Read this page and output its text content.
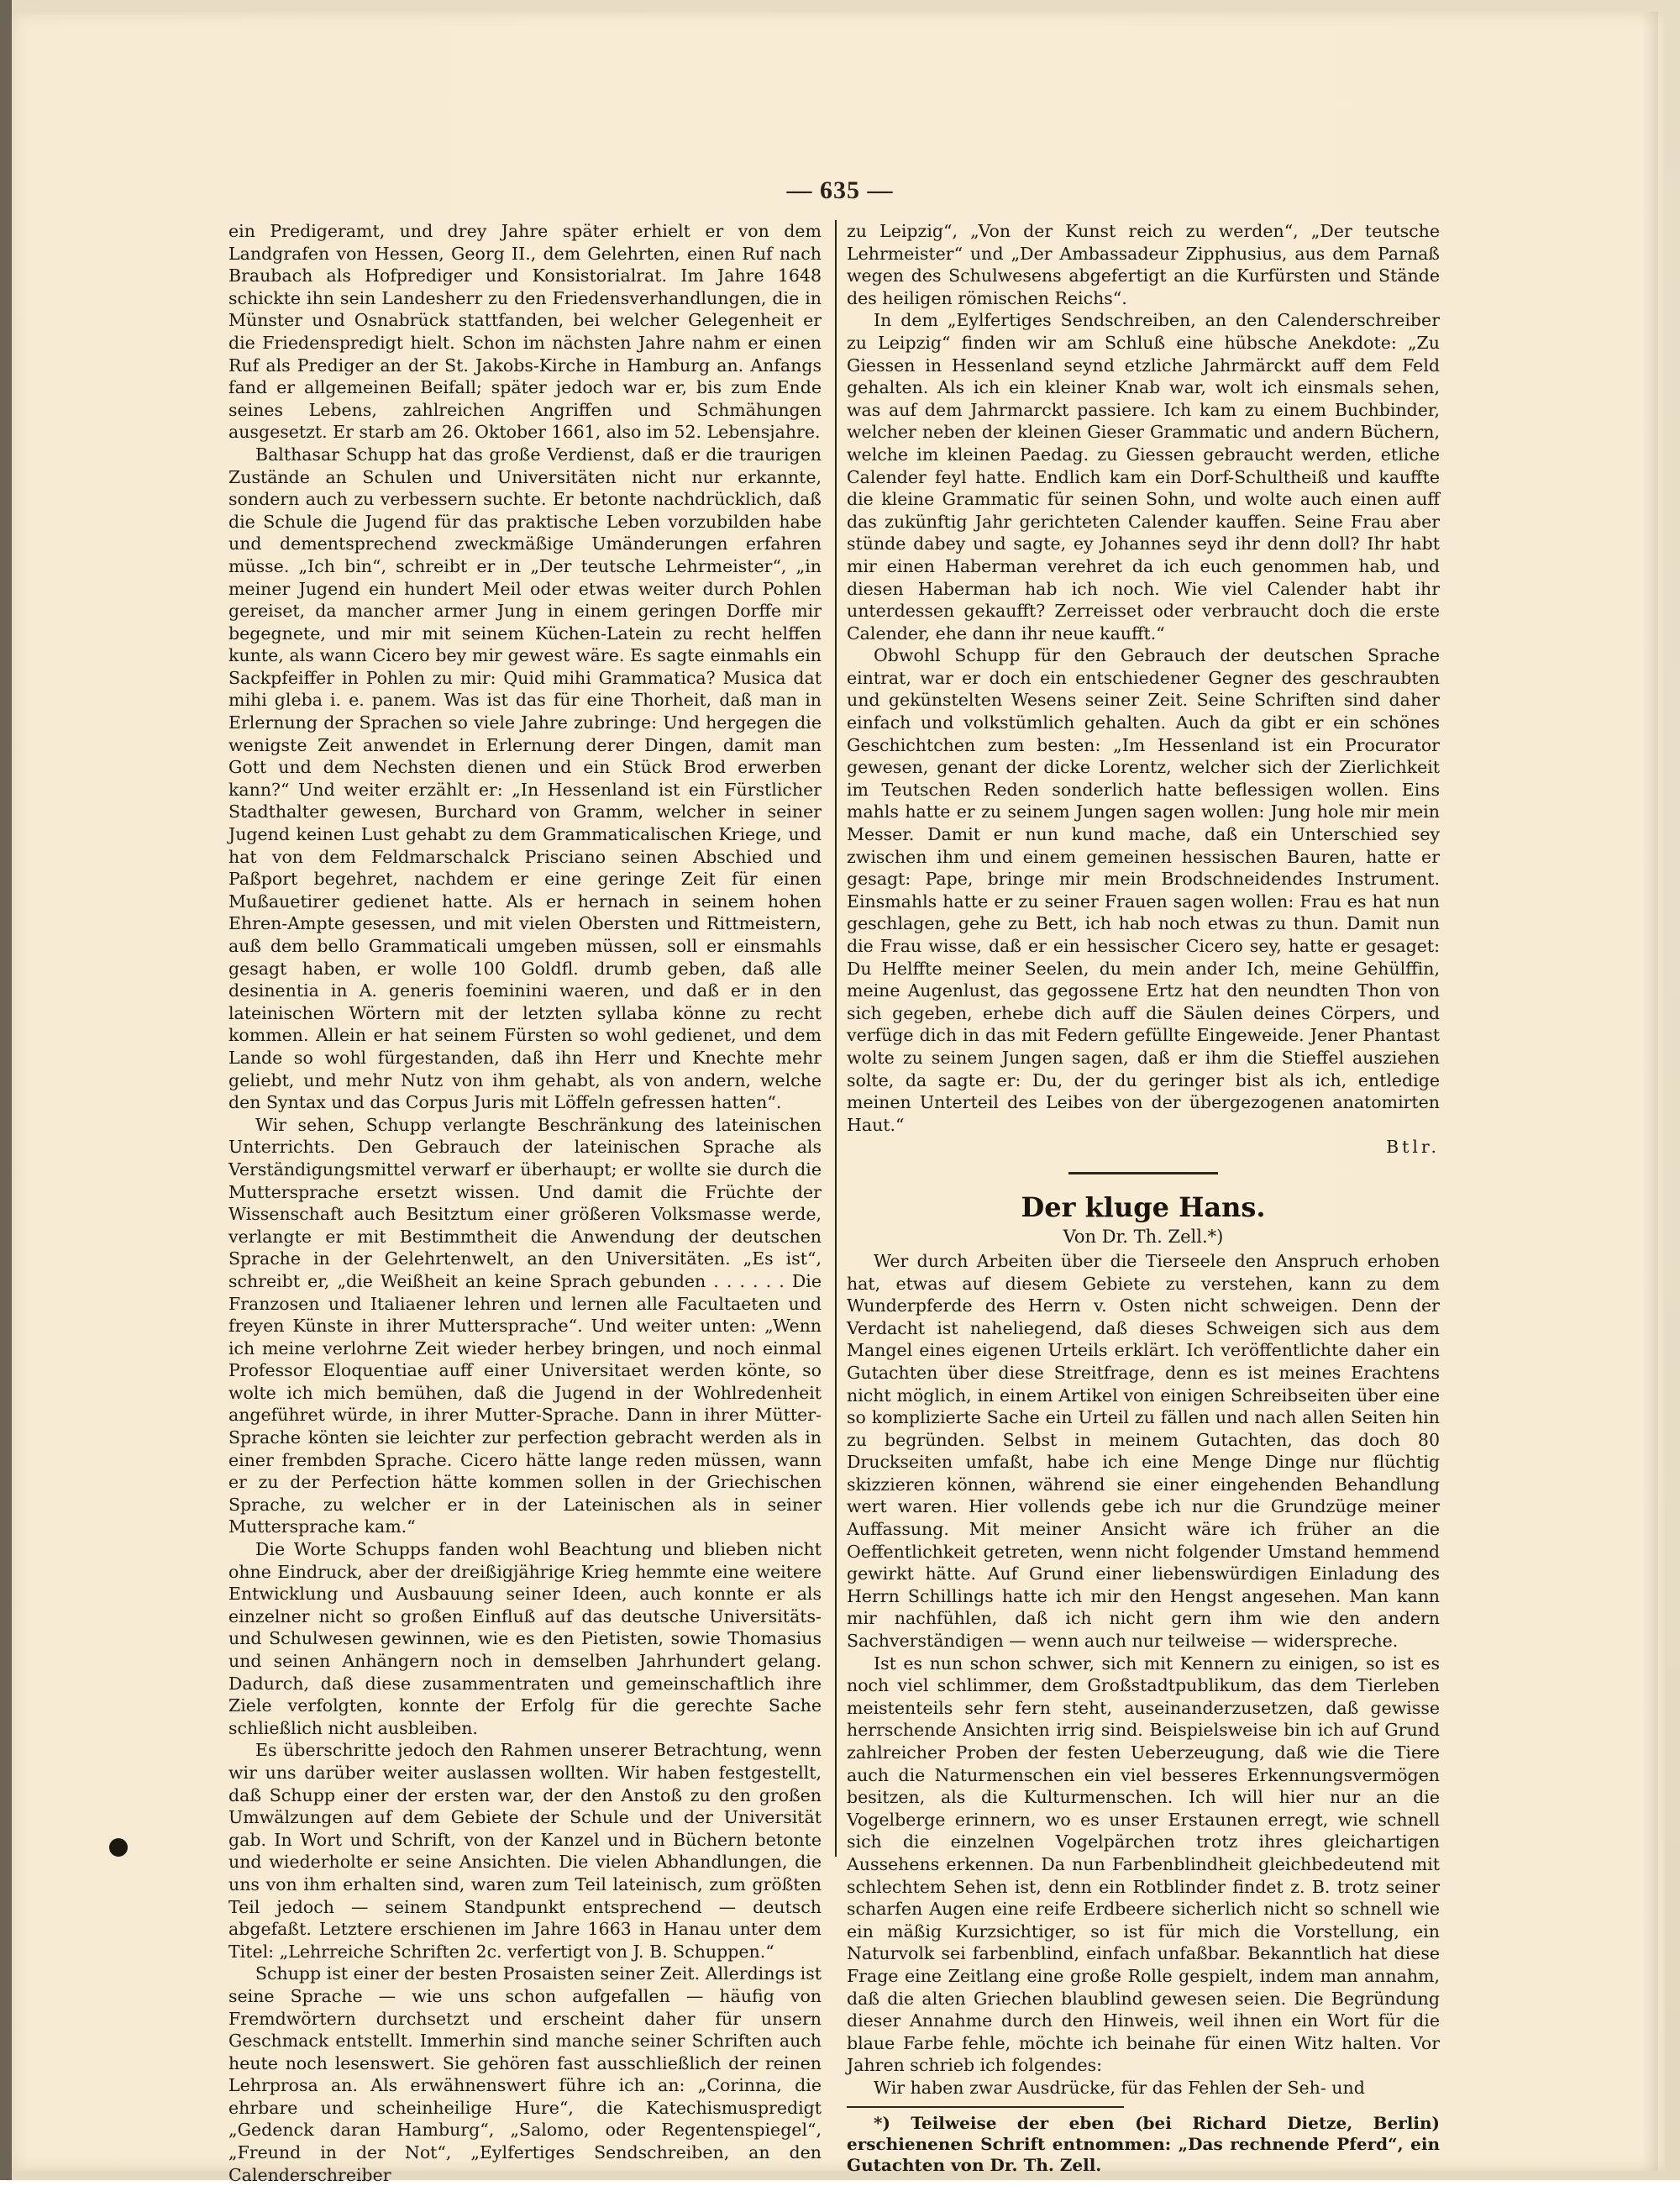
— 635 —

ein Predigeramt, und drey Jahre später erhielt er von dem Landgrafen von Hessen, Georg II., dem Gelehrten, einen Ruf nach Braubach als Hofprediger und Konsistorialrat. Im Jahre 1648 schickte ihn sein Landesherr zu den Friedensverhandlungen, die in Münster und Osnabrück stattfanden, bei welcher Gelegenheit er die Friedenspredigt hielt. Schon im nächsten Jahre nahm er einen Ruf als Prediger an der St. Jakobs-Kirche in Hamburg an. Anfangs fand er allgemeinen Beifall; später jedoch war er, bis zum Ende seines Lebens, zahlreichen Angriffen und Schmähungen ausgesetzt. Er starb am 26. Oktober 1661, also im 52. Lebensjahre.

Balthasar Schupp hat das große Verdienst, daß er die traurigen Zustände an Schulen und Universitäten nicht nur erkannte, sondern auch zu verbessern suchte. Er betonte nachdrücklich, daß die Schule die Jugend für das praktische Leben vorzubilden habe und dementsprechend zweckmäßige Umänderungen erfahren müsse. „Ich bin“, schreibt er in „Der teutsche Lehrmeister“, „in meiner Jugend ein hundert Meil oder etwas weiter durch Pohlen gereiset, da mancher armer Jung in einem geringen Dorffe mir begegnete, und mir mit seinem Küchen-Latein zu recht helffen kunte, als wann Cicero bey mir gewest wäre. Es sagte einmahls ein Sackpfeiffer in Pohlen zu mir: Quid mihi Grammatica? Musica dat mihi gleba i. e. panem. Was ist das für eine Thorheit, daß man in Erlernung der Sprachen so viele Jahre zubringe: Und hergegen die wenigste Zeit anwendet in Erlernung derer Dingen, damit man Gott und dem Nechsten dienen und ein Stück Brod erwerben kann?“ Und weiter erzählt er: „In Hessenland ist ein Fürstlicher Stadthalter gewesen, Burchard von Gramm, welcher in seiner Jugend keinen Lust gehabt zu dem Grammaticalischen Kriege, und hat von dem Feldmarschalck Prisciano seinen Abschied und Paßport begehret, nachdem er eine geringe Zeit für einen Mußauetirer gedienet hatte. Als er hernach in seinem hohen Ehren-Ampte gesessen, und mit vielen Obersten und Rittmeistern, auß dem bello Grammaticali umgeben müssen, soll er einsmahls gesagt haben, er wolle 100 Goldfl. drumb geben, daß alle desinentia in A. generis foeminini waeren, und daß er in den lateinischen Wörtern mit der letzten syllaba könne zu recht kommen. Allein er hat seinem Fürsten so wohl gedienet, und dem Lande so wohl fürgestanden, daß ihn Herr und Knechte mehr geliebt, und mehr Nutz von ihm gehabt, als von andern, welche den Syntax und das Corpus Juris mit Löffeln gefressen hatten“.

Wir sehen, Schupp verlangte Beschränkung des lateinischen Unterrichts. Den Gebrauch der lateinischen Sprache als Verständigungsmittel verwarf er überhaupt; er wollte sie durch die Muttersprache ersetzt wissen. Und damit die Früchte der Wissenschaft auch Besitztum einer größeren Volksmasse werde, verlangte er mit Bestimmtheit die Anwendung der deutschen Sprache in der Gelehrtenwelt, an den Universitäten. „Es ist“, schreibt er, „die Weißheit an keine Sprach gebunden . . . . . . Die Franzosen und Italiaener lehren und lernen alle Facultaeten und freyen Künste in ihrer Muttersprache“. Und weiter unten: „Wenn ich meine verlohrne Zeit wieder herbey bringen, und noch einmal Professor Eloquentiae auff einer Universitaet werden könte, so wolte ich mich bemühen, daß die Jugend in der Wohlredenheit angeführet würde, in ihrer Mutter-Sprache. Dann in ihrer Mütter-Sprache könten sie leichter zur perfection gebracht werden als in einer frembden Sprache. Cicero hätte lange reden müssen, wann er zu der Perfection hätte kommen sollen in der Griechischen Sprache, zu welcher er in der Lateinischen als in seiner Muttersprache kam.“

Die Worte Schupps fanden wohl Beachtung und blieben nicht ohne Eindruck, aber der dreißigjährige Krieg hemmte eine weitere Entwicklung und Ausbauung seiner Ideen, auch konnte er als einzelner nicht so großen Einfluß auf das deutsche Universitäts- und Schulwesen gewinnen, wie es den Pietisten, sowie Thomasius und seinen Anhängern noch in demselben Jahrhundert gelang. Dadurch, daß diese zusammentraten und gemeinschaftlich ihre Ziele verfolgten, konnte der Erfolg für die gerechte Sache schließlich nicht ausbleiben.

Es überschritte jedoch den Rahmen unserer Betrachtung, wenn wir uns darüber weiter auslassen wollten. Wir haben festgestellt, daß Schupp einer der ersten war, der den Anstoß zu den großen Umwälzungen auf dem Gebiete der Schule und der Universität gab. In Wort und Schrift, von der Kanzel und in Büchern betonte und wiederholte er seine Ansichten. Die vielen Abhandlungen, die uns von ihm erhalten sind, waren zum Teil lateinisch, zum größten Teil jedoch — seinem Standpunkt entsprechend — deutsch abgefaßt. Letztere erschienen im Jahre 1663 in Hanau unter dem Titel: „Lehrreiche Schriften 2c. verfertigt von J. B. Schuppen.“

Schupp ist einer der besten Prosaisten seiner Zeit. Allerdings ist seine Sprache — wie uns schon aufgefallen — häufig von Fremdwörtern durchsetzt und erscheint daher für unsern Geschmack entstellt. Immerhin sind manche seiner Schriften auch heute noch lesenswert. Sie gehören fast ausschließlich der reinen Lehrprosa an. Als erwähnenswert führe ich an: „Corinna, die ehrbare und scheinheilige Hure“, die Katechismuspredigt „Gedenck daran Hamburg“, „Salomo, oder Regentenspiegel“, „Freund in der Not“, „Eylfertiges Sendschreiben, an den Calenderschreiber

zu Leipzig“, „Von der Kunst reich zu werden“, „Der teutsche Lehrmeister“ und „Der Ambassadeur Zipphusius, aus dem Parnaß wegen des Schulwesens abgefertigt an die Kurfürsten und Stände des heiligen römischen Reichs“.

In dem „Eylfertiges Sendschreiben, an den Calenderschreiber zu Leipzig“ finden wir am Schluß eine hübsche Anekdote: „Zu Giessen in Hessenland seynd etzliche Jahrmärckt auff dem Feld gehalten. Als ich ein kleiner Knab war, wolt ich einsmals sehen, was auf dem Jahrmarckt passiere. Ich kam zu einem Buchbinder, welcher neben der kleinen Gieser Grammatic und andern Büchern, welche im kleinen Paedag. zu Giessen gebraucht werden, etliche Calender feyl hatte. Endlich kam ein Dorf-Schultheiß und kauffte die kleine Grammatic für seinen Sohn, und wolte auch einen auff das zukünftig Jahr gerichteten Calender kauffen. Seine Frau aber stünde dabey und sagte, ey Johannes seyd ihr denn doll? Ihr habt mir einen Haberman verehret da ich euch genommen hab, und diesen Haberman hab ich noch. Wie viel Calender habt ihr unterdessen gekaufft? Zerreisset oder verbraucht doch die erste Calender, ehe dann ihr neue kaufft.“

Obwohl Schupp für den Gebrauch der deutschen Sprache eintrat, war er doch ein entschiedener Gegner des geschraubten und gekünstelten Wesens seiner Zeit. Seine Schriften sind daher einfach und volkstümlich gehalten. Auch da gibt er ein schönes Geschichtchen zum besten: „Im Hessenland ist ein Procurator gewesen, genant der dicke Lorentz, welcher sich der Zierlichkeit im Teutschen Reden sonderlich hatte beflessigen wollen. Eins mahls hatte er zu seinem Jungen sagen wollen: Jung hole mir mein Messer. Damit er nun kund mache, daß ein Unterschied sey zwischen ihm und einem gemeinen hessischen Bauren, hatte er gesagt: Pape, bringe mir mein Brodschneidendes Instrument. Einsmahls hatte er zu seiner Frauen sagen wollen: Frau es hat nun geschlagen, gehe zu Bett, ich hab noch etwas zu thun. Damit nun die Frau wisse, daß er ein hessischer Cicero sey, hatte er gesaget: Du Helffte meiner Seelen, du mein ander Ich, meine Gehülffin, meine Augenlust, das gegossene Ertz hat den neundten Thon von sich gegeben, erhebe dich auff die Säulen deines Cörpers, und verfüge dich in das mit Federn gefüllte Eingeweide. Jener Phantast wolte zu seinem Jungen sagen, daß er ihm die Stieffel ausziehen solte, da sagte er: Du, der du geringer bist als ich, entledige meinen Unterteil des Leibes von der übergezogenen anatomirten Haut.“

Btlr.

Der kluge Hans.
Von Dr. Th. Zell.*)

Wer durch Arbeiten über die Tierseele den Anspruch erhoben hat, etwas auf diesem Gebiete zu verstehen, kann zu dem Wunderpferde des Herrn v. Osten nicht schweigen. Denn der Verdacht ist naheliegend, daß dieses Schweigen sich aus dem Mangel eines eigenen Urteils erklärt. Ich veröffentlichte daher ein Gutachten über diese Streitfrage, denn es ist meines Erachtens nicht möglich, in einem Artikel von einigen Schreibseiten über eine so komplizierte Sache ein Urteil zu fällen und nach allen Seiten hin zu begründen. Selbst in meinem Gutachten, das doch 80 Druckseiten umfaßt, habe ich eine Menge Dinge nur flüchtig skizzieren können, während sie einer eingehenden Behandlung wert waren. Hier vollends gebe ich nur die Grundzüge meiner Auffassung. Mit meiner Ansicht wäre ich früher an die Oeffentlichkeit getreten, wenn nicht folgender Umstand hemmend gewirkt hätte. Auf Grund einer liebenswürdigen Einladung des Herrn Schillings hatte ich mir den Hengst angesehen. Man kann mir nachfühlen, daß ich nicht gern ihm wie den andern Sachverständigen — wenn auch nur teilweise — widerspreche.

Ist es nun schon schwer, sich mit Kennern zu einigen, so ist es noch viel schlimmer, dem Großstadtpublikum, das dem Tierleben meistenteils sehr fern steht, auseinanderzusetzen, daß gewisse herrschende Ansichten irrig sind. Beispielsweise bin ich auf Grund zahlreicher Proben der festen Ueberzeugung, daß wie die Tiere auch die Naturmenschen ein viel besseres Erkennungsvermögen besitzen, als die Kulturmenschen. Ich will hier nur an die Vogelberge erinnern, wo es unser Erstaunen erregt, wie schnell sich die einzelnen Vogelpärchen trotz ihres gleichartigen Aussehens erkennen. Da nun Farbenblindheit gleichbedeutend mit schlechtem Sehen ist, denn ein Rotblinder findet z. B. trotz seiner scharfen Augen eine reife Erdbeere sicherlich nicht so schnell wie ein mäßig Kurzsichtiger, so ist für mich die Vorstellung, ein Naturvolk sei farbenblind, einfach unfaßbar. Bekanntlich hat diese Frage eine Zeitlang eine große Rolle gespielt, indem man annahm, daß die alten Griechen blaublind gewesen seien. Die Begründung dieser Annahme durch den Hinweis, weil ihnen ein Wort für die blaue Farbe fehle, möchte ich beinahe für einen Witz halten. Vor Jahren schrieb ich folgendes:

Wir haben zwar Ausdrücke, für das Fehlen der Seh- und

*) Teilweise der eben (bei Richard Dietze, Berlin) erschienenen Schrift entnommen: „Das rechnende Pferd“, ein Gutachten von Dr. Th. Zell.
